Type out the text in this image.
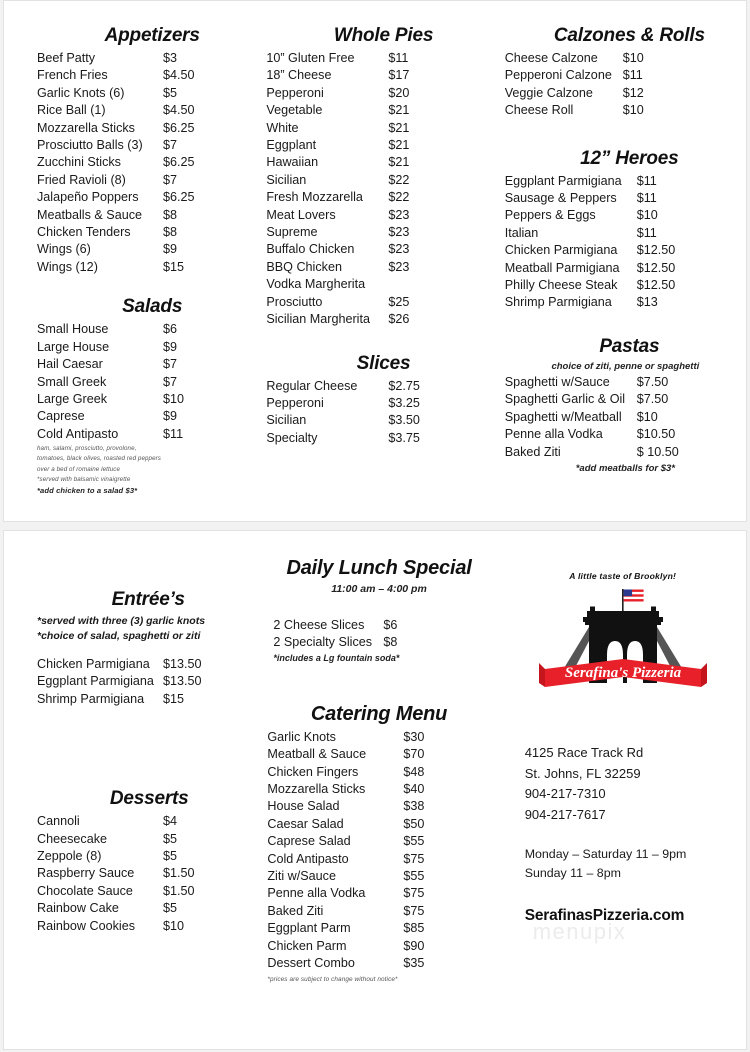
Appetizers
Beef Patty	$3
French Fries	$4.50
Garlic Knots (6)	$5
Rice Ball (1)	$4.50
Mozzarella Sticks	$6.25
Prosciutto Balls (3)	$7
Zucchini Sticks	$6.25
Fried Ravioli (8)	$7
Jalapeño Poppers	$6.25
Meatballs & Sauce	$8
Chicken Tenders	$8
Wings (6)	$9
Wings (12)	$15
Salads
Small House	$6
Large House	$9
Hail Caesar	$7
Small Greek	$7
Large Greek	$10
Caprese	$9
Cold Antipasto	$11
ham, salami, prosciutto, provolone,
tomatoes, black olives, roasted red peppers
over a bed of romaine lettuce
*served with balsamic vinaigrette
*add chicken to a salad $3*
Whole Pies
10” Gluten Free	$11
18” Cheese	$17
Pepperoni	$20
Vegetable	$21
White	$21
Eggplant	$21
Hawaiian	$21
Sicilian	$22
Fresh Mozzarella	$22
Meat Lovers	$23
Supreme	$23
Buffalo Chicken	$23
BBQ Chicken	$23
Vodka Margherita
Prosciutto	$25
Sicilian Margherita	$26
Slices
Regular Cheese	$2.75
Pepperoni	$3.25
Sicilian	$3.50
Specialty	$3.75
Calzones & Rolls
Cheese Calzone	$10
Pepperoni Calzone $11
Veggie Calzone	$12
Cheese Roll	$10
12” Heroes
Eggplant Parmigiana	$11
Sausage & Peppers	$11
Peppers & Eggs	$10
Italian	$11
Chicken Parmigiana	$12.50
Meatball Parmigiana	$12.50
Philly Cheese Steak	$12.50
Shrimp Parmigiana	$13
Pastas
choice of ziti, penne or spaghetti
Spaghetti w/Sauce	$7.50
Spaghetti Garlic & Oil $7.50
Spaghetti w/Meatball	$10
Penne alla Vodka	$10.50
Baked Ziti	$ 10.50
*add meatballs for $3*
Entrée’s
*served with three (3) garlic knots
*choice of salad, spaghetti or ziti
Chicken Parmigiana	$13.50
Eggplant Parmigiana $13.50
Shrimp Parmigiana	$15
Desserts
Cannoli	$4
Cheesecake	$5
Zeppole (8)	$5
Raspberry Sauce	$1.50
Chocolate Sauce	$1.50
Rainbow Cake	$5
Rainbow Cookies	$10
Daily Lunch Special
11:00 am – 4:00 pm
2 Cheese Slices	$6
2 Specialty Slices $8
*includes a Lg fountain soda*
Catering Menu
Garlic Knots	$30
Meatball & Sauce	$70
Chicken Fingers	$48
Mozzarella Sticks	$40
House Salad	$38
Caesar Salad	$50
Caprese Salad	$55
Cold Antipasto	$75
Ziti w/Sauce	$55
Penne alla Vodka	$75
Baked Ziti	$75
Eggplant Parm	$85
Chicken Parm	$90
Dessert Combo	$35
*prices are subject to change without notice*
A little taste of Brooklyn!
Serafina's Pizzeria
4125 Race Track Rd
St. Johns, FL 32259
904-217-7310
904-217-7617
Monday – Saturday 11 – 9pm
Sunday 11 – 8pm
SerafinasPizzeria.com
menupix
